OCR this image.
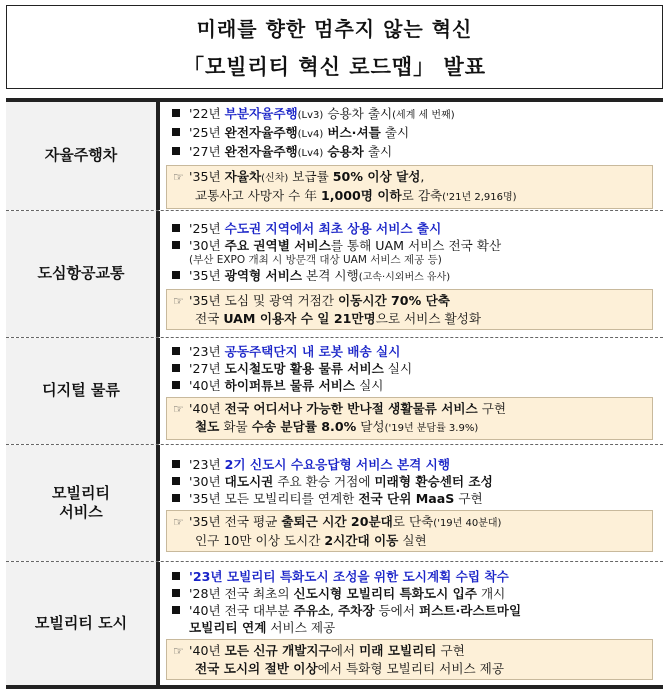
미래를 향한 멈추지 않는 혁신
「모빌리티 혁신 로드맵」 발표
자율주행차
'22년 부분자율주행(Lv3) 승용차 출시(세계 세 번째)
'25년 완전자율주행(Lv4) 버스·셔틀 출시
'27년 완전자율주행(Lv4) 승용차 출시
☞ '35년 자율차(신차) 보급률 50% 이상 달성,
교통사고 사망자 수 年 1,000명 이하로 감축('21년 2,916명)
도심항공교통
'25년 수도권 지역에서 최초 상용 서비스 출시
'30년 주요 권역별 서비스를 통해 UAM 서비스 전국 확산
(부산 EXPO 개최 시 방문객 대상 UAM 서비스 제공 등)
'35년 광역형 서비스 본격 시행(고속·시외버스 유사)
☞ '35년 도심 및 광역 거점간 이동시간 70% 단축
전국 UAM 이용자 수 일 21만명으로 서비스 활성화
디지털 물류
'23년 공동주택단지 내 로봇 배송 실시
'27년 도시철도망 활용 물류 서비스 실시
'40년 하이퍼튜브 물류 서비스 실시
☞ '40년 전국 어디서나 가능한 반나절 생활물류 서비스 구현
철도 화물 수송 분담률 8.0% 달성('19년 분담률 3.9%)
모빌리티
서비스
'23년 2기 신도시 수요응답형 서비스 본격 시행
'30년 대도시권 주요 환승 거점에 미래형 환승센터 조성
'35년 모든 모빌리티를 연계한 전국 단위 MaaS 구현
☞ '35년 전국 평균 출퇴근 시간 20분대로 단축('19년 40분대)
인구 10만 이상 도시간 2시간대 이동 실현
모빌리티 도시
'23년 모빌리티 특화도시 조성을 위한 도시계획 수립 착수
'28년 전국 최초의 신도시형 모빌리티 특화도시 입주 개시
'40년 전국 대부분 주유소, 주차장 등에서 퍼스트·라스트마일
모빌리티 연계 서비스 제공
☞ '40년 모든 신규 개발지구에서 미래 모빌리티 구현
전국 도시의 절반 이상에서 특화형 모빌리티 서비스 제공
